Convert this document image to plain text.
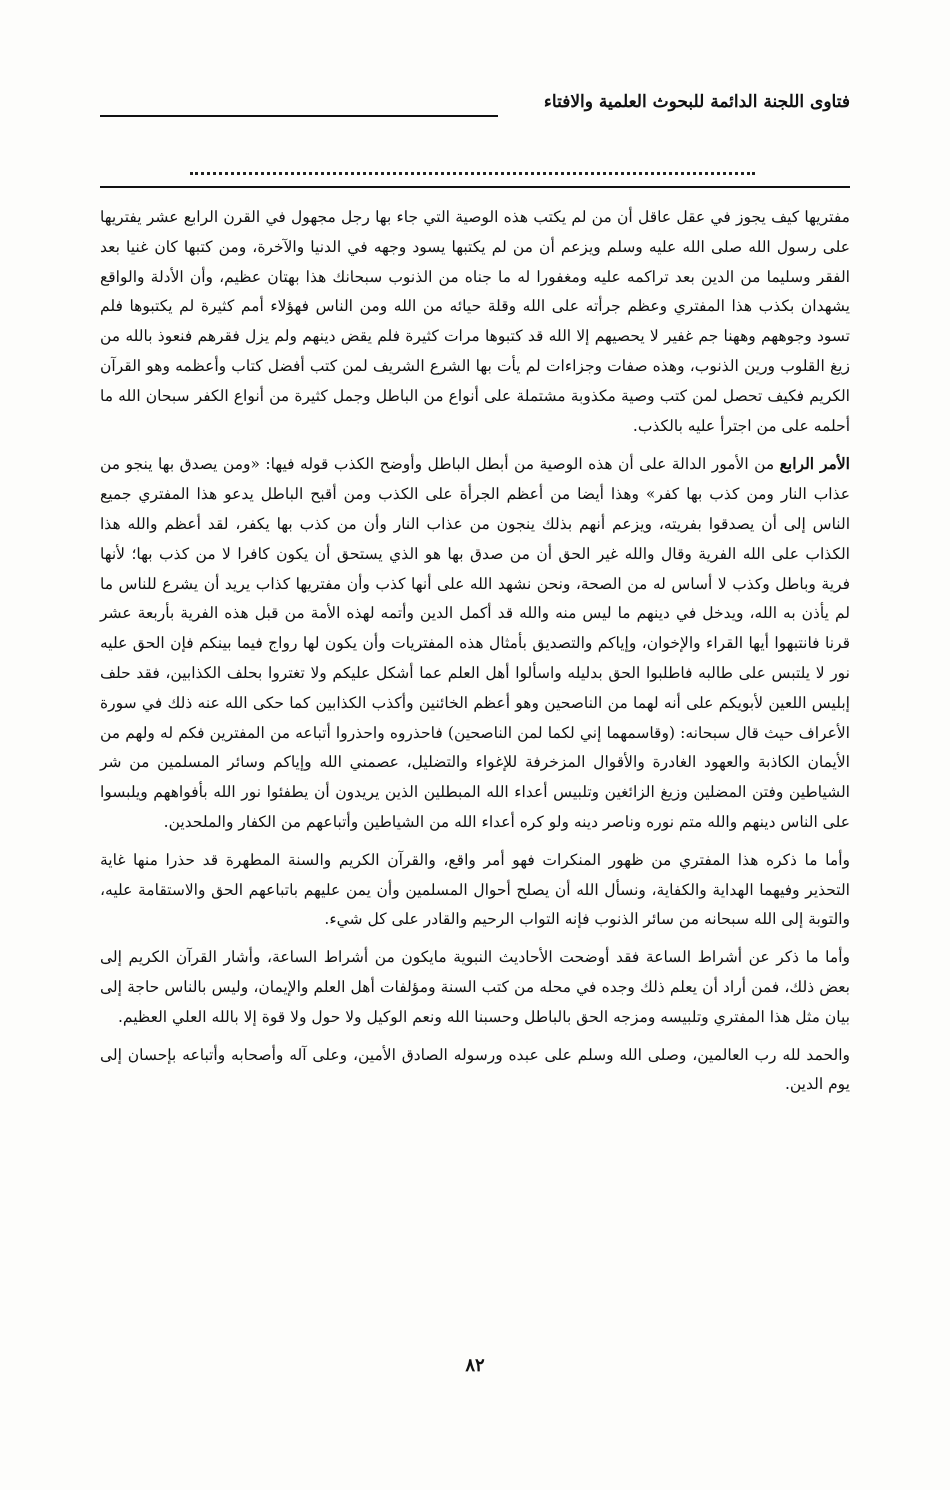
فتاوى اللجنة الدائمة للبحوث العلمية والافتاء

مفتريها كيف يجوز في عقل عاقل أن من لم يكتب هذه الوصية التي جاء بها رجل مجهول في القرن الرابع عشر يفتريها على رسول الله صلى الله عليه وسلم ويزعم أن من لم يكتبها يسود وجهه في الدنيا والآخرة، ومن كتبها كان غنيا بعد الفقر وسليما من الدين بعد تراكمه عليه ومغفورا له ما جناه من الذنوب سبحانك هذا بهتان عظيم، وأن الأدلة والواقع يشهدان بكذب هذا المفتري وعظم جرأته على الله وقلة حيائه من الله ومن الناس فهؤلاء أمم كثيرة لم يكتبوها فلم تسود وجوههم وههنا جم غفير لا يحصيهم إلا الله قد كتبوها مرات كثيرة فلم يقض دينهم ولم يزل فقرهم فنعوذ بالله من زيغ القلوب ورين الذنوب، وهذه صفات وجزاءات لم يأت بها الشرع الشريف لمن كتب أفضل كتاب وأعظمه وهو القرآن الكريم فكيف تحصل لمن كتب وصية مكذوبة مشتملة على أنواع من الباطل وجمل كثيرة من أنواع الكفر سبحان الله ما أحلمه على من اجترأ عليه بالكذب.

الأمر الرابع من الأمور الدالة على أن هذه الوصية من أبطل الباطل وأوضح الكذب قوله فيها: «ومن يصدق بها ينجو من عذاب النار ومن كذب بها كفر» وهذا أيضا من أعظم الجرأة على الكذب ومن أقبح الباطل يدعو هذا المفتري جميع الناس إلى أن يصدقوا بفريته، ويزعم أنهم بذلك ينجون من عذاب النار وأن من كذب بها يكفر، لقد أعظم والله هذا الكذاب على الله الفرية وقال والله غير الحق أن من صدق بها هو الذي يستحق أن يكون كافرا لا من كذب بها؛ لأنها فرية وباطل وكذب لا أساس له من الصحة، ونحن نشهد الله على أنها كذب وأن مفتريها كذاب يريد أن يشرع للناس ما لم يأذن به الله، ويدخل في دينهم ما ليس منه والله قد أكمل الدين وأتمه لهذه الأمة من قبل هذه الفرية بأربعة عشر قرنا فانتبهوا أيها القراء والإخوان، وإياكم والتصديق بأمثال هذه المفتريات وأن يكون لها رواج فيما بينكم فإن الحق عليه نور لا يلتبس على طالبه فاطلبوا الحق بدليله واسألوا أهل العلم عما أشكل عليكم ولا تغتروا بحلف الكذابين، فقد حلف إبليس اللعين لأبويكم على أنه لهما من الناصحين وهو أعظم الخائنين وأكذب الكذابين كما حكى الله عنه ذلك في سورة الأعراف حيث قال سبحانه: (وقاسمهما إني لكما لمن الناصحين) فاحذروه واحذروا أتباعه من المفترين فكم له ولهم من الأيمان الكاذبة والعهود الغادرة والأقوال المزخرفة للإغواء والتضليل، عصمني الله وإياكم وسائر المسلمين من شر الشياطين وفتن المضلين وزيغ الزائغين وتلبيس أعداء الله المبطلين الذين يريدون أن يطفئوا نور الله بأفواههم ويلبسوا على الناس دينهم والله متم نوره وناصر دينه ولو كره أعداء الله من الشياطين وأتباعهم من الكفار والملحدين.

وأما ما ذكره هذا المفتري من ظهور المنكرات فهو أمر واقع، والقرآن الكريم والسنة المطهرة قد حذرا منها غاية التحذير وفيهما الهداية والكفاية، ونسأل الله أن يصلح أحوال المسلمين وأن يمن عليهم باتباعهم الحق والاستقامة عليه، والتوبة إلى الله سبحانه من سائر الذنوب فإنه التواب الرحيم والقادر على كل شيء.

وأما ما ذكر عن أشراط الساعة فقد أوضحت الأحاديث النبوية مايكون من أشراط الساعة، وأشار القرآن الكريم إلى بعض ذلك، فمن أراد أن يعلم ذلك وجده في محله من كتب السنة ومؤلفات أهل العلم والإيمان، وليس بالناس حاجة إلى بيان مثل هذا المفتري وتلبيسه ومزجه الحق بالباطل وحسبنا الله ونعم الوكيل ولا حول ولا قوة إلا بالله العلي العظيم.

والحمد لله رب العالمين، وصلى الله وسلم على عبده ورسوله الصادق الأمين، وعلى آله وأصحابه وأتباعه بإحسان إلى يوم الدين.

٨٢
